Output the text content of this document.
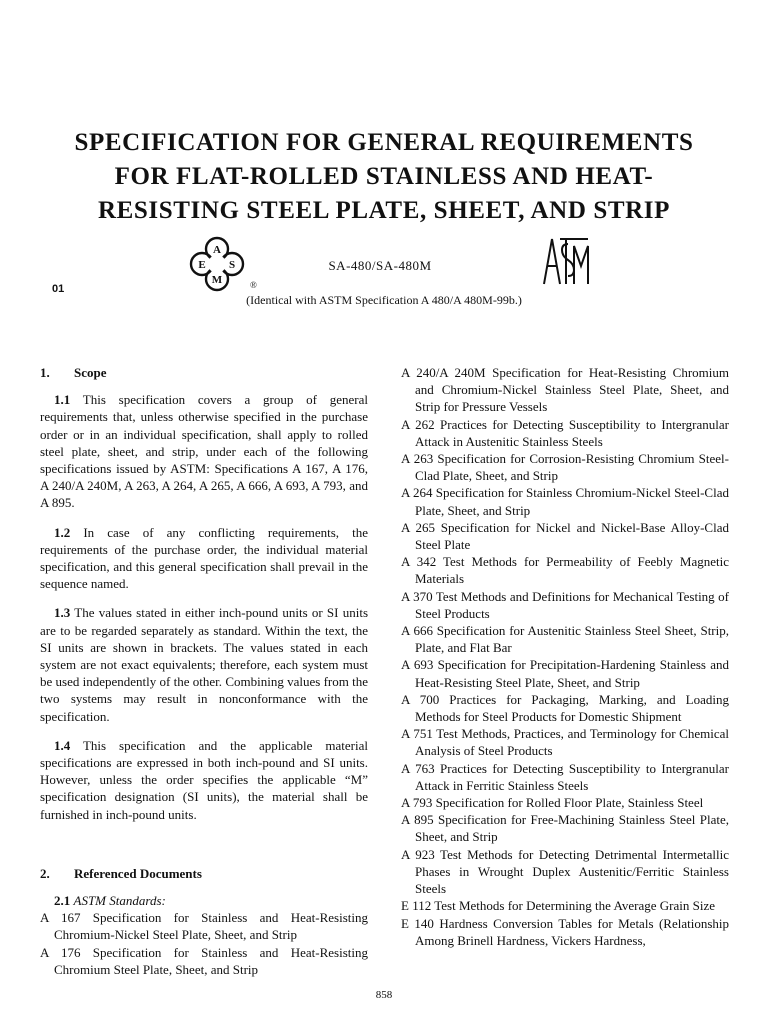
SPECIFICATION FOR GENERAL REQUIREMENTS
FOR FLAT-ROLLED STAINLESS AND HEAT-
RESISTING STEEL PLATE, SHEET, AND STRIP
A
E S
M	®
SA-480/SA-480M
01
(Identical with ASTM Specification A 480/A 480M-99b.)
1. Scope

1.1 This specification covers a group of general requirements that, unless otherwise specified in the purchase order or in an individual specification, shall apply to rolled steel plate, sheet, and strip, under each of the following specifications issued by ASTM: Specifications A 167, A 176, A 240/A 240M, A 263, A 264, A 265, A 666, A 693, A 793, and A 895.

1.2 In case of any conflicting requirements, the requirements of the purchase order, the individual material specification, and this general specification shall prevail in the sequence named.

1.3 The values stated in either inch-pound units or SI units are to be regarded separately as standard. Within the text, the SI units are shown in brackets. The values stated in each system are not exact equivalents; therefore, each system must be used independently of the other. Combining values from the two systems may result in nonconformance with the specification.

1.4 This specification and the applicable material specifications are expressed in both inch-pound and SI units. However, unless the order specifies the applicable “M” specification designation (SI units), the material shall be furnished in inch-pound units.

2. Referenced Documents

2.1 ASTM Standards:

A 167 Specification for Stainless and Heat-Resisting Chromium-Nickel Steel Plate, Sheet, and Strip

A 176 Specification for Stainless and Heat-Resisting Chromium Steel Plate, Sheet, and Strip

A 240/A 240M Specification for Heat-Resisting Chromium and Chromium-Nickel Stainless Steel Plate, Sheet, and Strip for Pressure Vessels

A 262 Practices for Detecting Susceptibility to Intergranular Attack in Austenitic Stainless Steels

A 263 Specification for Corrosion-Resisting Chromium Steel-Clad Plate, Sheet, and Strip

A 264 Specification for Stainless Chromium-Nickel Steel-Clad Plate, Sheet, and Strip

A 265 Specification for Nickel and Nickel-Base Alloy-Clad Steel Plate

A 342 Test Methods for Permeability of Feebly Magnetic Materials

A 370 Test Methods and Definitions for Mechanical Testing of Steel Products

A 666 Specification for Austenitic Stainless Steel Sheet, Strip, Plate, and Flat Bar

A 693 Specification for Precipitation-Hardening Stainless and Heat-Resisting Steel Plate, Sheet, and Strip

A 700 Practices for Packaging, Marking, and Loading Methods for Steel Products for Domestic Shipment

A 751 Test Methods, Practices, and Terminology for Chemical Analysis of Steel Products

A 763 Practices for Detecting Susceptibility to Intergranular Attack in Ferritic Stainless Steels

A 793 Specification for Rolled Floor Plate, Stainless Steel

A 895 Specification for Free-Machining Stainless Steel Plate, Sheet, and Strip

A 923 Test Methods for Detecting Detrimental Intermetallic Phases in Wrought Duplex Austenitic/Ferritic Stainless Steels

E 112 Test Methods for Determining the Average Grain Size

E 140 Hardness Conversion Tables for Metals (Relationship Among Brinell Hardness, Vickers Hardness,

858
